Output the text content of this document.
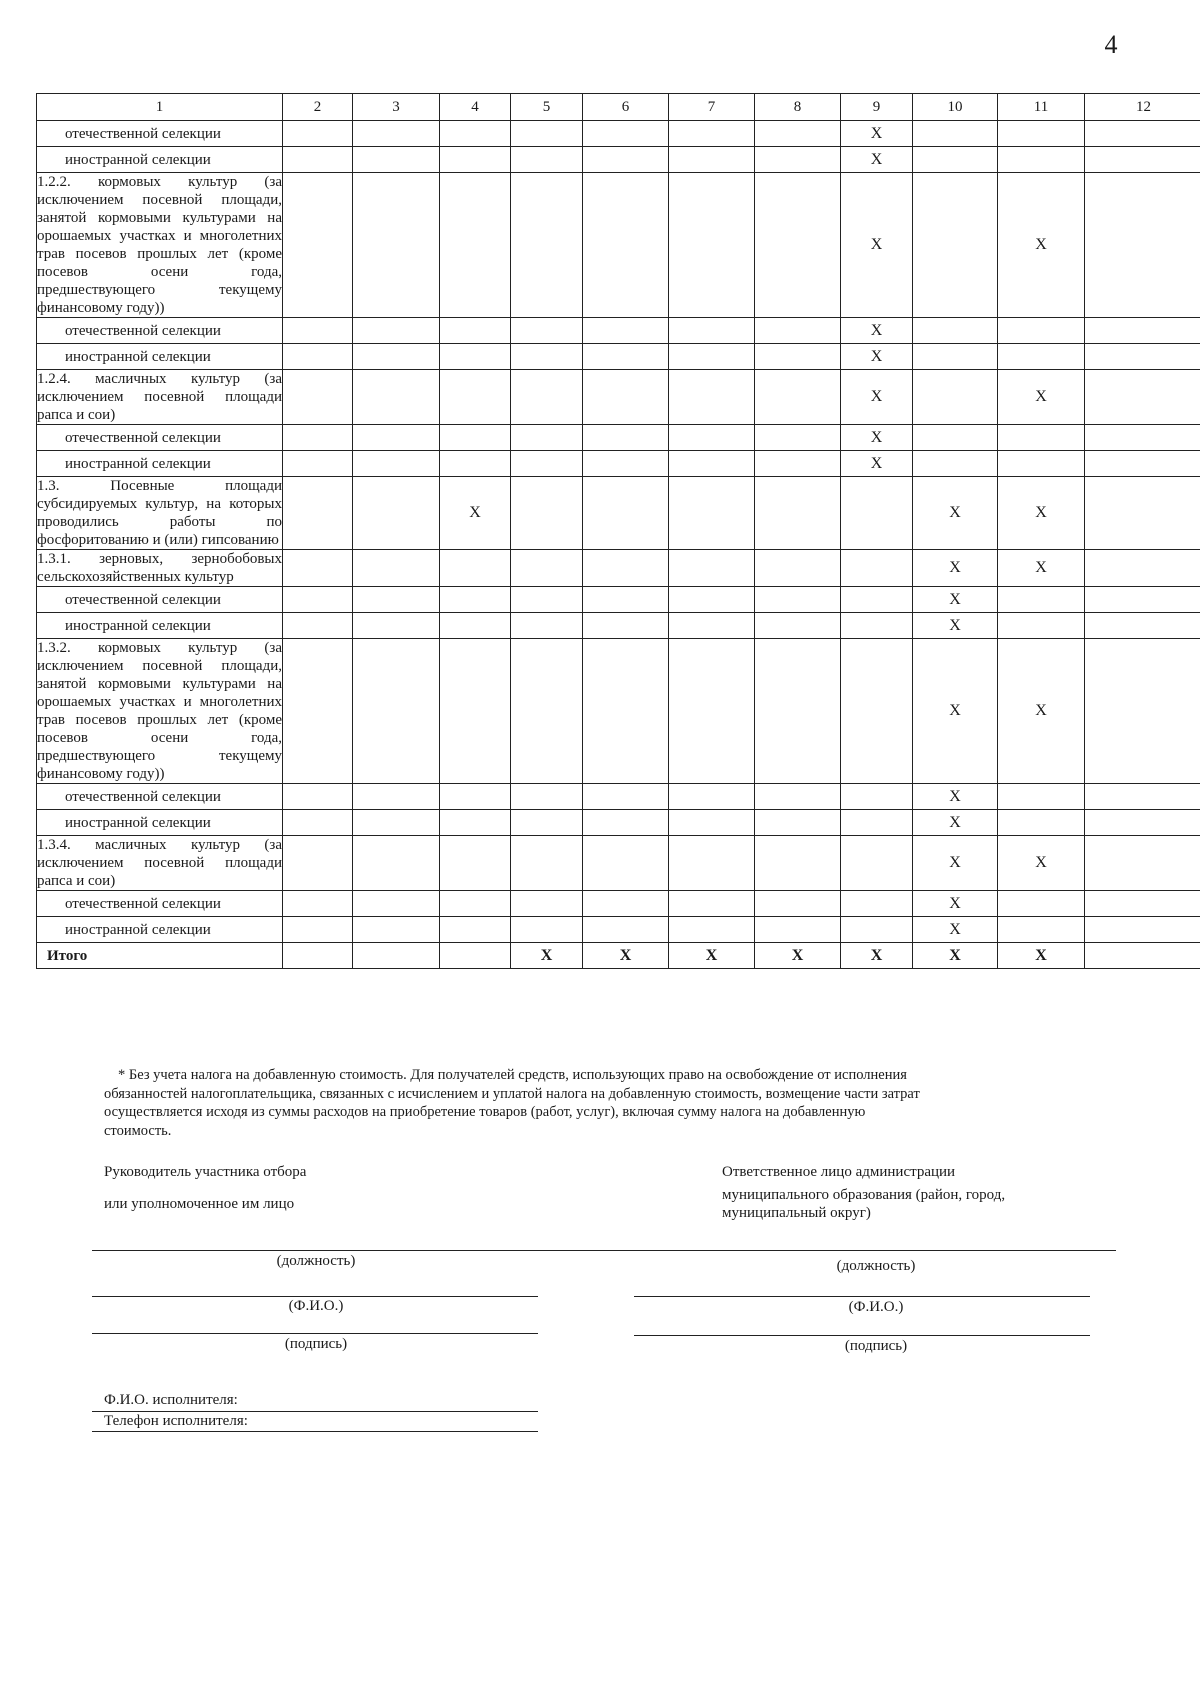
4
1	2	3	4	5	6	7	8	9	10	11	12
отечественной селекции								X			
иностранной селекции								X			
1.2.2. кормовых культур (за исключением посевной площади, занятой кормовыми культурами на орошаемых участках и многолетних трав посевов прошлых лет (кроме посевов осени года, предшествующего текущему финансовому году))								X		X	
отечественной селекции								X			
иностранной селекции								X			
1.2.4. масличных культур (за исключением посевной площади рапса и сои)								X		X	
отечественной селекции								X			
иностранной селекции								X			
1.3. Посевные площади субсидируемых культур, на которых проводились работы по фосфоритованию и (или) гипсованию			X						X	X	
1.3.1. зерновых, зернобобовых сельскохозяйственных культур									X	X	
отечественной селекции									X		
иностранной селекции									X		
1.3.2. кормовых культур (за исключением посевной площади, занятой кормовыми культурами на орошаемых участках и многолетних трав посевов прошлых лет (кроме посевов осени года, предшествующего текущему финансовому году))									X	X	
отечественной селекции									X		
иностранной селекции									X		
1.3.4. масличных культур (за исключением посевной площади рапса и сои)									X	X	
отечественной селекции									X		
иностранной селекции									X		
Итого				X	X	X	X	X	X	X	
* Без учета налога на добавленную стоимость. Для получателей средств, использующих право на освобождение от исполнения обязанностей налогоплательщика, связанных с исчислением и уплатой налога на добавленную стоимость, возмещение части затрат осуществляется исходя из суммы расходов на приобретение товаров (работ, услуг), включая сумму налога на добавленную стоимость.
Руководитель участника отбора
или уполномоченное им лицо
Ответственное лицо администрации
муниципального образования (район, город,
муниципальный округ)
(должность)	(должность)
(Ф.И.О.)	(Ф.И.О.)
(подпись)	(подпись)
Ф.И.О. исполнителя:
Телефон исполнителя:
